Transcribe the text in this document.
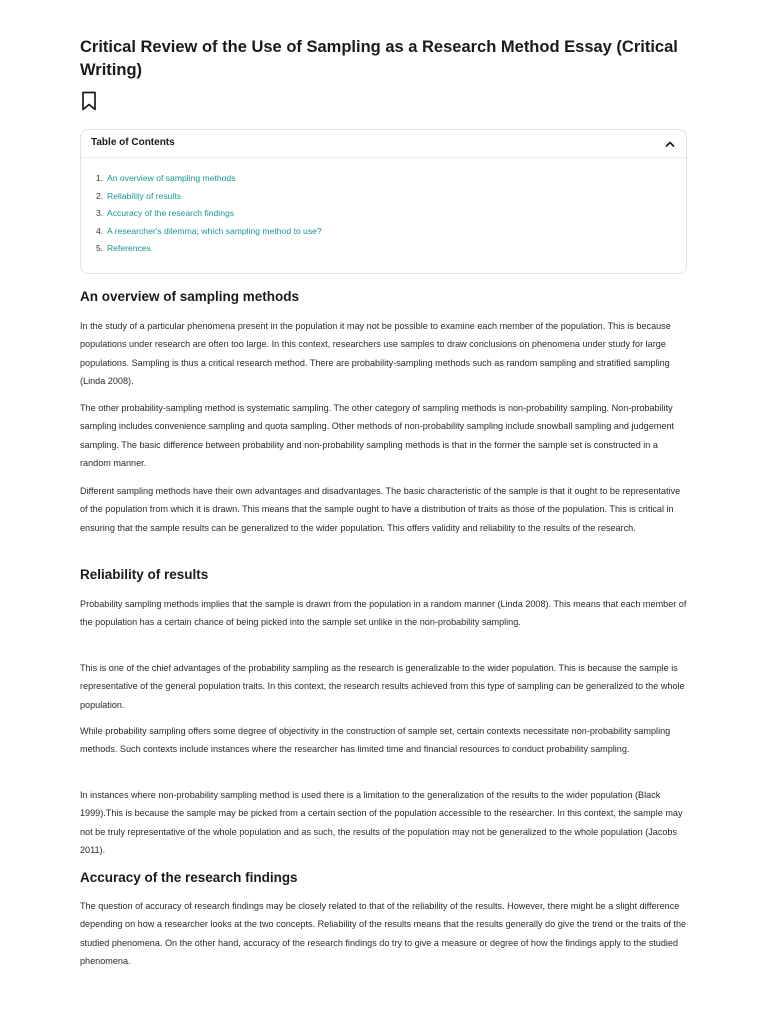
Critical Review of the Use of Sampling as a Research Method Essay (Critical Writing)
Table of Contents
1. An overview of sampling methods
2. Reliability of results
3. Accuracy of the research findings
4. A researcher's dilemma; which sampling method to use?
5. References
An overview of sampling methods

In the study of a particular phenomena present in the population it may not be possible to examine each member of the population. This is because populations under research are often too large. In this context, researchers use samples to draw conclusions on phenomena under study for large populations. Sampling is thus a critical research method. There are probability-sampling methods such as random sampling and stratified sampling (Linda 2008).

The other probability-sampling method is systematic sampling. The other category of sampling methods is non-probability sampling. Non-probability sampling includes convenience sampling and quota sampling. Other methods of non-probability sampling include snowball sampling and judgement sampling. The basic difference between probability and non-probability sampling methods is that in the former the sample set is constructed in a random manner.

Different sampling methods have their own advantages and disadvantages. The basic characteristic of the sample is that it ought to be representative of the population from which it is drawn. This means that the sample ought to have a distribution of traits as those of the population. This is critical in ensuring that the sample results can be generalized to the wider population. This offers validity and reliability to the results of the research.

Reliability of results

Probability sampling methods implies that the sample is drawn from the population in a random manner (Linda 2008). This means that each member of the population has a certain chance of being picked into the sample set unlike in the non-probability sampling.

This is one of the chief advantages of the probability sampling as the research is generalizable to the wider population. This is because the sample is representative of the general population traits. In this context, the research results achieved from this type of sampling can be generalized to the whole population.

While probability sampling offers some degree of objectivity in the construction of sample set, certain contexts necessitate non-probability sampling methods. Such contexts include instances where the researcher has limited time and financial resources to conduct probability sampling.

In instances where non-probability sampling method is used there is a limitation to the generalization of the results to the wider population (Black 1999).This is because the sample may be picked from a certain section of the population accessible to the researcher. In this context, the sample may not be truly representative of the whole population and as such, the results of the population may not be generalized to the whole population (Jacobs 2011).

Accuracy of the research findings

The question of accuracy of research findings may be closely related to that of the reliability of the results. However, there might be a slight difference depending on how a researcher looks at the two concepts. Reliability of the results means that the results generally do give the trend or the traits of the studied phenomena. On the other hand, accuracy of the research findings do try to give a measure or degree of how the findings apply to the studied phenomena.
